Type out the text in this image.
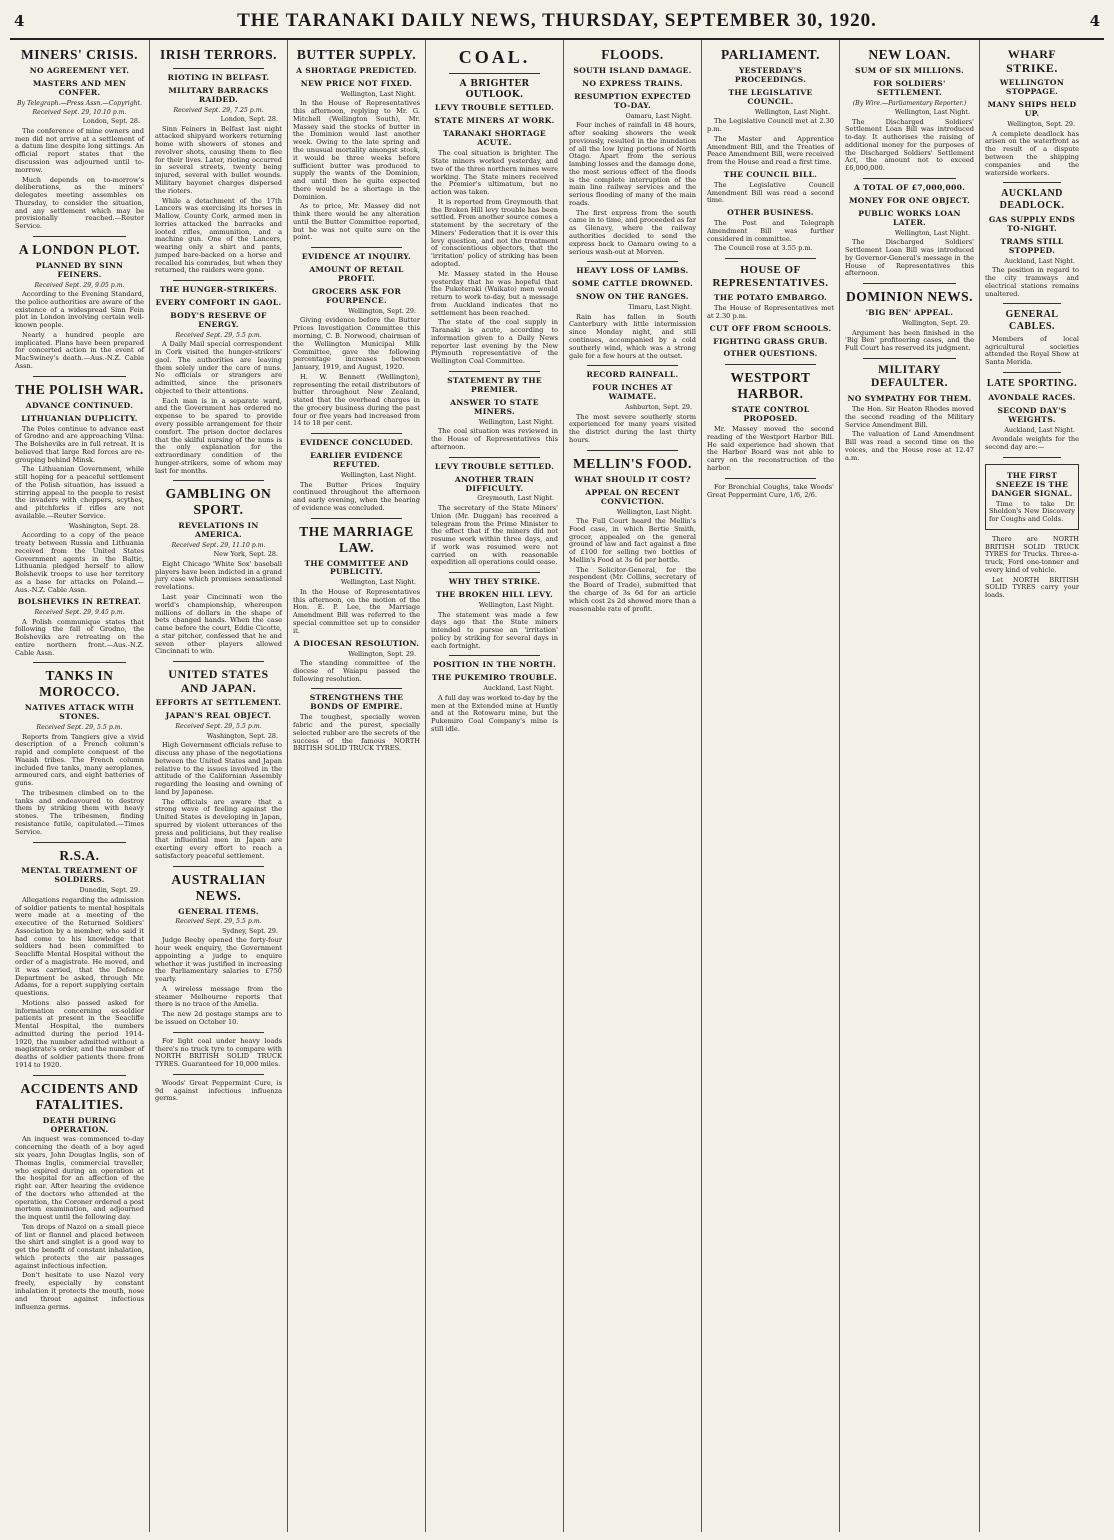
4	THE TARANAKI DAILY NEWS, THURSDAY, SEPTEMBER 30, 1920.	4
MINERS' CRISIS.
NO AGREEMENT YET.
MASTERS AND MEN CONFER.
By Telegraph.—Press Assn.—Copyright.
Received Sept. 29, 10.10 p.m.
London, Sept. 28.

The conference of mine owners and men did not arrive at a settlement of a datum line despite long sittings. An official report states that the discussion was adjourned until to-morrow.

Much depends on to-morrow's deliberations, as the miners' delegates meeting assembles on Thursday, to consider the situation, and any settlement which may be provisionally reached.—Reuter Service.

A LONDON PLOT.
PLANNED BY SINN FEINERS.
Received Sept. 29, 9.05 p.m.

According to the Evening Standard, the police authorities are aware of the existence of a widespread Sinn Fein plot in London involving certain well-known people.

Nearly a hundred people are implicated. Plans have been prepared for concerted action in the event of MacSwiney's death.—Aus.-N.Z. Cable Assn.

THE POLISH WAR.
ADVANCE CONTINUED.
LITHUANIAN DUPLICITY.

The Poles continue to advance east of Grodno and are approaching Vilna. The Bolsheviks are in full retreat. It is believed that large Red forces are re-grouping behind Minsk.

The Lithuanian Government, while still hoping for a peaceful settlement of the Polish situation, has issued a stirring appeal to the people to resist the invaders with choppers, scythes, and pitchforks if rifles are not available.—Reuter Service.

Washington, Sept. 28.

According to a copy of the peace treaty between Russia and Lithuania received from the United States Government agents in the Baltic, Lithuania pledged herself to allow Bolshevik troops to use her territory as a base for attacks on Poland.—Aus.-N.Z. Cable Assn.

BOLSHEVIKS IN RETREAT.
Received Sept. 29, 9.45 p.m.

A Polish communique states that following the fall of Grodno, the Bolsheviks are retreating on the entire northern front.—Aus.-N.Z. Cable Assn.

TANKS IN MOROCCO.
NATIVES ATTACK WITH STONES.
Received Sept. 29, 5.5 p.m.

Reports from Tangiers give a vivid description of a French column's rapid and complete conquest of the Waaish tribes. The French column included five tanks, many aeroplanes, armoured cars, and eight batteries of guns.

The tribesmen climbed on to the tanks and endeavoured to destroy them by striking them with heavy stones. The tribesmen, finding resistance futile, capitulated.—Times Service.

R.S.A.
MENTAL TREATMENT OF SOLDIERS.
Dunedin, Sept. 29.

Allegations regarding the admission of soldier patients to mental hospitals were made at a meeting of the executive of the Returned Soldiers' Association by a member, who said it had come to his knowledge that soldiers had been committed to Seacliffe Mental Hospital without the order of a magistrate. He moved, and it was carried, that the Defence Department be asked, through Mr. Adams, for a report supplying certain questions.

Motions also passed asked for information concerning ex-soldier patients at present in the Seacliffe Mental Hospital, the numbers admitted during the period 1914-1920, the number admitted without a magistrate's order, and the number of deaths of soldier patients there from 1914 to 1920.

ACCIDENTS AND FATALITIES.
DEATH DURING OPERATION.

An inquest was commenced to-day concerning the death of a boy aged six years, John Douglas Inglis, son of Thomas Inglis, commercial traveller, who expired during an operation at the hospital for an affection of the right ear. After hearing the evidence of the doctors who attended at the operation, the Coroner ordered a post mortem examination, and adjourned the inquest until the following day.

Ten drops of Nazol on a small piece of lint or flannel and placed between the shirt and singlet is a good way to get the benefit of constant inhalation, which protects the air passages against infectious infection.

Don't hesitate to use Nazol very freely, especially by constant inhalation it protects the mouth, nose and throat against infectious influenza germs.

IRISH TERRORS.
RIOTING IN BELFAST.
MILITARY BARRACKS RAIDED.
Received Sept. 29, 7.25 p.m.
London, Sept. 28.

Sinn Feiners in Belfast last night attacked shipyard workers returning home with showers of stones and revolver shots, causing them to flee for their lives. Later, rioting occurred in several streets, twenty being injured, several with bullet wounds. Military bayonet charges dispersed the rioters.

While a detachment of the 17th Lancers was exercising its horses in Mallow, County Cork, armed men in lorries attacked the barracks and looted rifles, ammunition, and a machine gun. One of the Lancers, wearing only a shirt and pants, jumped bare-backed on a horse and recalled his comrades, but when they returned, the raiders were gone.

THE HUNGER-STRIKERS.
EVERY COMFORT IN GAOL.
BODY'S RESERVE OF ENERGY.
Received Sept. 29, 5.5 p.m.

A Daily Mail special correspondent in Cork visited the hunger-strikers' gaol. The authorities are leaving them solely under the care of nuns. No officials or strangers are admitted, since the prisoners objected to their attentions.

Each man is in a separate ward, and the Government has ordered no expense to be spared to provide every possible arrangement for their comfort. The prison doctor declares that the skilful nursing of the nuns is the only explanation for the extraordinary condition of the hunger-strikers, some of whom may last for months.

GAMBLING ON SPORT.
REVELATIONS IN AMERICA.
Received Sept. 29, 11.10 p.m.
New York, Sept. 28.

Eight Chicago 'White Sox' baseball players have been indicted in a grand jury case which promises sensational revelations.

Last year Cincinnati won the world's championship, whereupon millions of dollars in the shape of bets changed hands. When the case came before the court, Eddie Cicotte, a star pitcher, confessed that he and seven other players allowed Cincinnati to win.

UNITED STATES AND JAPAN.
EFFORTS AT SETTLEMENT.
JAPAN'S REAL OBJECT.
Received Sept. 29, 5.5 p.m.
Washington, Sept. 28.

High Government officials refuse to discuss any phase of the negotiations between the United States and Japan relative to the issues involved in the attitude of the Californian Assembly regarding the leasing and owning of land by Japanese.

The officials are aware that a strong wave of feeling against the United States is developing in Japan, spurred by violent utterances of the press and politicians, but they realise that influential men in Japan are exerting every effort to reach a satisfactory peaceful settlement.

AUSTRALIAN NEWS.
GENERAL ITEMS.
Received Sept. 29, 5.5 p.m.
Sydney, Sept. 29.

Judge Beeby opened the forty-four hour week enquiry, the Government appointing a judge to enquire whether it was justified in increasing the Parliamentary salaries to £750 yearly.

A wireless message from the steamer Melbourne reports that there is no trace of the Amelia.

The new 2d postage stamps are to be issued on October 10.

For light coal under heavy loads there's no truck tyre to compare with NORTH BRITISH SOLID TRUCK TYRES. Guaranteed for 10,000 miles.

Woods' Great Peppermint Cure, is 9d against infectious influenza germs.

BUTTER SUPPLY.
A SHORTAGE PREDICTED.
NEW PRICE NOT FIXED.
Wellington, Last Night.

In the House of Representatives this afternoon, replying to Mr. G. Mitchell (Wellington South), Mr. Massey said the stocks of butter in the Dominion would last another week. Owing to the late spring and the unusual mortality amongst stock, it would be three weeks before sufficient butter was produced to supply the wants of the Dominion, and until then he quite expected there would be a shortage in the Dominion.

As to price, Mr. Massey did not think there would be any alteration until the Butter Committee reported, but he was not quite sure on the point.

EVIDENCE AT INQUIRY.
AMOUNT OF RETAIL PROFIT.
GROCERS ASK FOR FOURPENCE.
Wellington, Sept. 29.

Giving evidence before the Butter Prices Investigation Committee this morning, C. B. Norwood, chairman of the Wellington Municipal Milk Committee, gave the following percentage increases between January, 1919, and August, 1920.

H. W. Bennett (Wellington), representing the retail distributors of butter throughout New Zealand, stated that the overhead charges in the grocery business during the past four or five years had increased from 14 to 18 per cent.

EVIDENCE CONCLUDED.
EARLIER EVIDENCE REFUTED.
Wellington, Last Night.

The Butter Prices Inquiry continued throughout the afternoon and early evening, when the hearing of evidence was concluded.

THE MARRIAGE LAW.
THE COMMITTEE AND PUBLICITY.
Wellington, Last Night.

In the House of Representatives this afternoon, on the motion of the Hon. E. P. Lee, the Marriage Amendment Bill was referred to the special committee set up to consider it.

A DIOCESAN RESOLUTION.
Wellington, Sept. 29.

The standing committee of the diocese of Waiapu passed the following resolution.

STRENGTHENS THE BONDS OF EMPIRE.

The toughest, specially woven fabric and the purest, specially selected rubber are the secrets of the success of the famous NORTH BRITISH SOLID TRUCK TYRES.

COAL.
A BRIGHTER OUTLOOK.
LEVY TROUBLE SETTLED.
STATE MINERS AT WORK.
TARANAKI SHORTAGE ACUTE.

The coal situation is brighter. The State miners worked yesterday, and two of the three northern mines were working. The State miners received the Premier's ultimatum, but no action was taken.

It is reported from Greymouth that the Broken Hill levy trouble has been settled. From another source comes a statement by the secretary of the Miners' Federation that it is over this levy question, and not the treatment of conscientious objectors, that the 'irritation' policy of striking has been adopted.

Mr. Massey stated in the House yesterday that he was hopeful that the Puketeraki (Waikato) men would return to work to-day, but a message from Auckland indicates that no settlement has been reached.

The state of the coal supply in Taranaki is acute, according to information given to a Daily News reporter last evening by the New Plymouth representative of the Wellington Coal Committee.

STATEMENT BY THE PREMIER.
ANSWER TO STATE MINERS.
Wellington, Last Night.

The coal situation was reviewed in the House of Representatives this afternoon.

LEVY TROUBLE SETTLED.
ANOTHER TRAIN DIFFICULTY.
Greymouth, Last Night.

The secretary of the State Miners' Union (Mr. Duggan) has received a telegram from the Prime Minister to the effect that if the miners did not resume work within three days, and if work was resumed were not carried on with reasonable expedition all operations could cease.

WHY THEY STRIKE.
THE BROKEN HILL LEVY.
Wellington, Last Night.

The statement was made a few days ago that the State miners intended to pursue an 'irritation' policy by striking for several days in each fortnight.

POSITION IN THE NORTH.
THE PUKEMIRO TROUBLE.
Auckland, Last Night.

A full day was worked to-day by the men at the Extended mine at Huntly and at the Rotowaru mine, but the Pukemiro Coal Company's mine is still idle.

FLOODS.
SOUTH ISLAND DAMAGE.
NO EXPRESS TRAINS.
RESUMPTION EXPECTED TO-DAY.
Oamaru, Last Night.

Four inches of rainfall in 48 hours, after soaking showers the week previously, resulted in the inundation of all the low lying portions of North Otago. Apart from the serious lambing losses and the damage done, the most serious effect of the floods is the complete interruption of the main line railway services and the serious flooding of many of the main roads.

The first express from the south came in to time, and proceeded as far as Glenavy, where the railway authorities decided to send the express back to Oamaru owing to a serious wash-out at Morven.

HEAVY LOSS OF LAMBS.
SOME CATTLE DROWNED.
SNOW ON THE RANGES.
Timaru, Last Night.

Rain has fallen in South Canterbury with little intermission since Monday night, and still continues, accompanied by a cold southerly wind, which was a strong gale for a few hours at the outset.

RECORD RAINFALL.
FOUR INCHES AT WAIMATE.
Ashburton, Sept. 29.

The most severe southerly storm experienced for many years visited the district during the last thirty hours.

MELLIN'S FOOD.
WHAT SHOULD IT COST?
APPEAL ON RECENT CONVICTION.
Wellington, Last Night.

The Full Court heard the Mellin's Food case, in which Bertie Smith, grocer, appealed on the general ground of law and fact against a fine of £100 for selling two bottles of Mellin's Food at 3s 6d per bottle.

The Solicitor-General, for the respondent (Mr. Collins, secretary of the Board of Trade), submitted that the charge of 3s 6d for an article which cost 2s 2d showed more than a reasonable rate of profit.

PARLIAMENT.
YESTERDAY'S PROCEEDINGS.
THE LEGISLATIVE COUNCIL.
Wellington, Last Night.

The Legislative Council met at 2.30 p.m.

The Master and Apprentice Amendment Bill, and the Treaties of Peace Amendment Bill, were received from the House and read a first time.

THE COUNCIL BILL.

The Legislative Council Amendment Bill was read a second time.

OTHER BUSINESS.

The Post and Telegraph Amendment Bill was further considered in committee.

The Council rose at 3.55 p.m.

HOUSE OF REPRESENTATIVES.
THE POTATO EMBARGO.

The House of Representatives met at 2.30 p.m.

CUT OFF FROM SCHOOLS.
FIGHTING GRASS GRUB.
OTHER QUESTIONS.
WESTPORT HARBOR.
STATE CONTROL PROPOSED.

Mr. Massey moved the second reading of the Westport Harbor Bill. He said experience had shown that the Harbor Board was not able to carry on the reconstruction of the harbor.

For Bronchial Coughs, take Woods' Great Peppermint Cure, 1/6, 2/6.

NEW LOAN.
SUM OF SIX MILLIONS.
FOR SOLDIERS' SETTLEMENT.
(By Wire.—Parliamentary Reporter.)
Wellington, Last Night.

The Discharged Soldiers' Settlement Loan Bill was introduced to-day. It authorises the raising of additional money for the purposes of the Discharged Soldiers' Settlement Act, the amount not to exceed £6,000,000.

A TOTAL OF £7,000,000.
MONEY FOR ONE OBJECT.
PUBLIC WORKS LOAN LATER.
Wellington, Last Night.

The Discharged Soldiers' Settlement Loan Bill was introduced by Governor-General's message in the House of Representatives this afternoon.

DOMINION NEWS.
'BIG BEN' APPEAL.
Wellington, Sept. 29.

Argument has been finished in the 'Big Ben' profiteering cases, and the Full Court has reserved its judgment.

MILITARY DEFAULTER.
NO SYMPATHY FOR THEM.

The Hon. Sir Heaton Rhodes moved the second reading of the Military Service Amendment Bill.

The valuation of Land Amendment Bill was read a second time on the voices, and the House rose at 12.47 a.m.

WHARF STRIKE.
WELLINGTON STOPPAGE.
MANY SHIPS HELD UP.
Wellington, Sept. 29.

A complete deadlock has arisen on the waterfront as the result of a dispute between the shipping companies and the waterside workers.

AUCKLAND DEADLOCK.
GAS SUPPLY ENDS TO-NIGHT.
TRAMS STILL STOPPED.
Auckland, Last Night.

The position in regard to the city tramways and electrical stations remains unaltered.

GENERAL CABLES.

Members of local agricultural societies attended the Royal Show at Santa Merida.

LATE SPORTING.
AVONDALE RACES.
SECOND DAY'S WEIGHTS.
Auckland, Last Night.

Avondale weights for the second day are:—

THE FIRST SNEEZE IS THE DANGER SIGNAL.

Time to take Dr. Sheldon's New Discovery for Coughs and Colds.

There are NORTH BRITISH SOLID TRUCK TYRES for Trucks. Three-a-truck, Ford one-tonner and every kind of vehicle.

Let NORTH BRITISH SOLID TYRES carry your loads.
